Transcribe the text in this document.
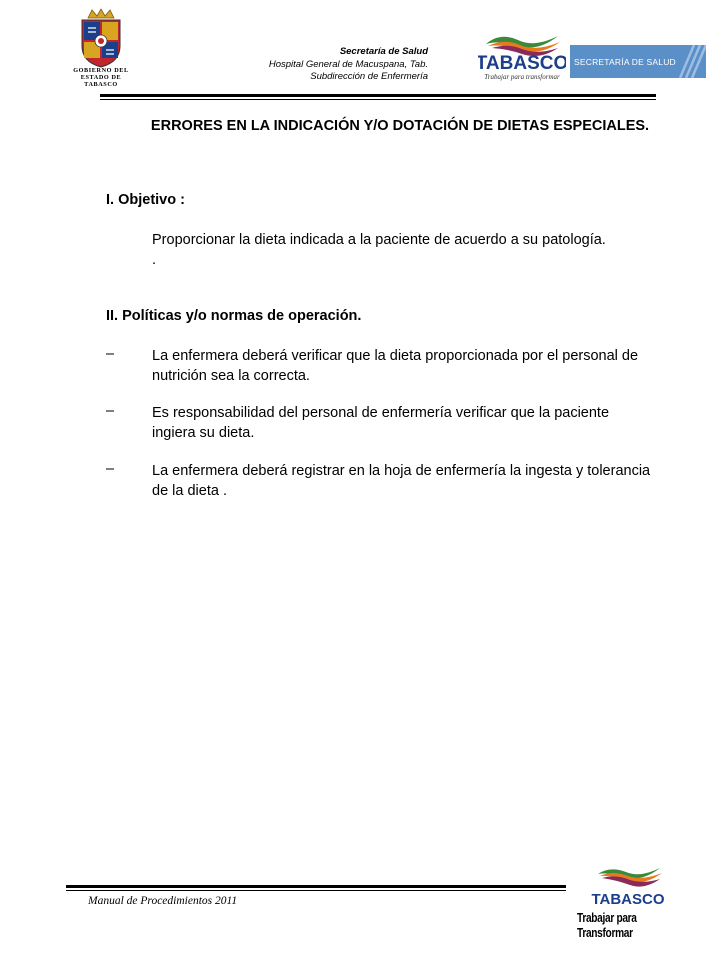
GOBIERNO DEL
ESTADO DE
TABASCO
Secretaría de Salud
Hospital General de Macuspana, Tab.
Subdirección de Enfermería
TABASCO
Trabajar para transformar
SECRETARÍA DE SALUD
ERRORES EN LA INDICACIÓN Y/O DOTACIÓN DE DIETAS ESPECIALES.
I. Objetivo :
Proporcionar la dieta indicada a la paciente de acuerdo a su patología. .
II. Políticas y/o normas de operación.
–	La enfermera deberá verificar que la dieta proporcionada por el personal de nutrición sea la correcta.
–	Es responsabilidad del personal de enfermería verificar que la paciente ingiera su dieta.
–	La enfermera deberá registrar en la hoja de enfermería la ingesta y tolerancia de la dieta .
Manual de Procedimientos 2011	TABASCO
Trabajar para Transformar
